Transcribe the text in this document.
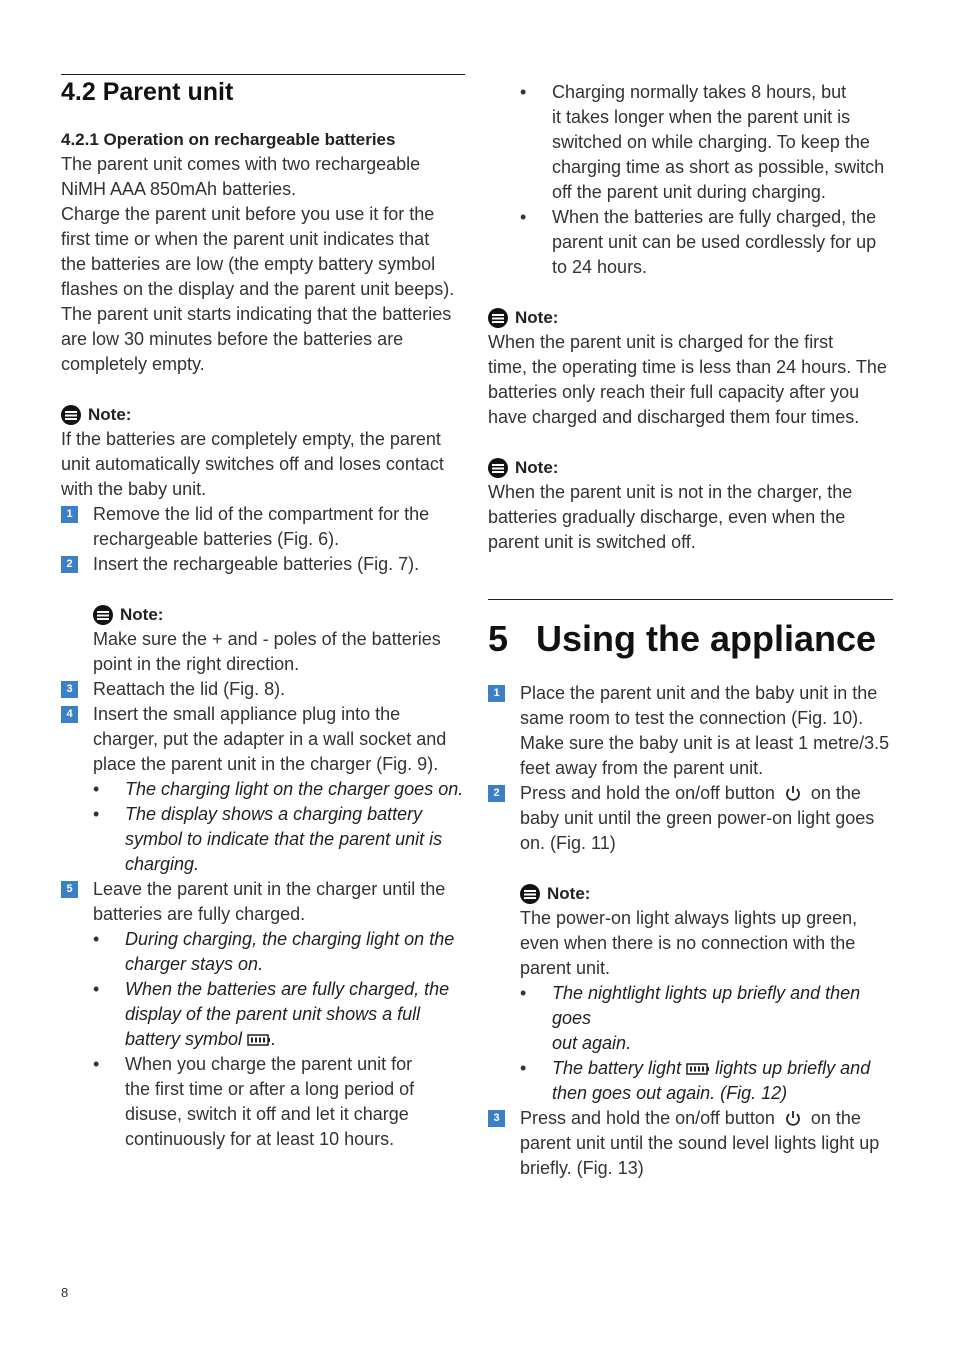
4.2 Parent unit
4.2.1 Operation on rechargeable batteries

The parent unit comes with two rechargeable

NiMH AAA 850mAh batteries.

Charge the parent unit before you use it for the

first time or when the parent unit indicates that

the batteries are low (the empty battery symbol

flashes on the display and the parent unit beeps).

The parent unit starts indicating that the batteries

are low 30 minutes before the batteries are

completely empty.

Note:

If the batteries are completely empty, the parent

unit automatically switches off and loses contact

with the baby unit.

1	Remove the lid of the compartment for the

rechargeable batteries (Fig. 6).

2	Insert the rechargeable batteries (Fig. 7).

Note:

Make sure the + and - poles of the batteries

point in the right direction.

3	Reattach the lid (Fig. 8).

4	Insert the small appliance plug into the

charger, put the adapter in a wall socket and

place the parent unit in the charger (Fig. 9).

•	The charging light on the charger goes on.

•	The display shows a charging battery

symbol to indicate that the parent unit is

charging.

5	Leave the parent unit in the charger until the

batteries are fully charged.

•	During charging, the charging light on the

charger stays on.

•	When the batteries are fully charged, the

display of the parent unit shows a full

battery symbol .

•	When you charge the parent unit for

the first time or after a long period of

disuse, switch it off and let it charge

continuously for at least 10 hours.

•	Charging normally takes 8 hours, but

it takes longer when the parent unit is

switched on while charging. To keep the

charging time as short as possible, switch

off the parent unit during charging.

•	When the batteries are fully charged, the

parent unit can be used cordlessly for up

to 24 hours.

Note:

When the parent unit is charged for the first

time, the operating time is less than 24 hours. The

batteries only reach their full capacity after you

have charged and discharged them four times.

Note:

When the parent unit is not in the charger, the

batteries gradually discharge, even when the

parent unit is switched off.

5 Using the appliance
1	Place the parent unit and the baby unit in the

same room to test the connection (Fig. 10).

Make sure the baby unit is at least 1 metre/3.5

feet away from the parent unit.

2	Press and hold the on/off button on the

baby unit until the green power-on light goes

on. (Fig. 11)

Note:

The power-on light always lights up green,

even when there is no connection with the

parent unit.

•	The nightlight lights up briefly and then goes

out again.

•	The battery light lights up briefly and

then goes out again. (Fig. 12)

3	Press and hold the on/off button on the

parent unit until the sound level lights light up

briefly. (Fig. 13)

8
